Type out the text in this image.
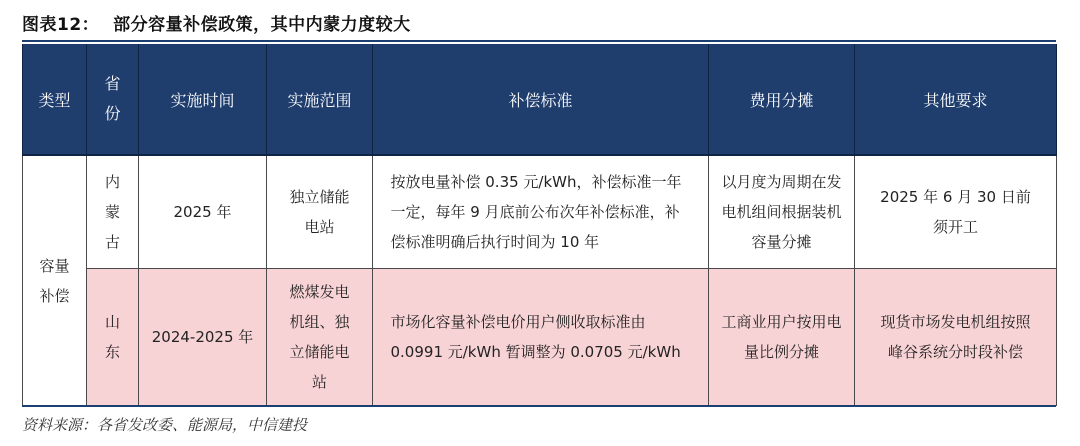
图表12： 部分容量补偿政策，其中内蒙力度较大
类型	省份	实施时间	实施范围	补偿标准	费用分摊	其他要求

容量补偿	内蒙古	2025 年	独立储能电站	按放电量补偿 0.35 元/kWh，补偿标准一年一定，每年 9 月底前公布次年补偿标准，补偿标准明确后执行时间为 10 年	以月度为周期在发电机组间根据装机容量分摊	2025 年 6 月 30 日前须开工

	山东	2024-2025 年	燃煤发电机组、独立储能电站	市场化容量补偿电价用户侧收取标准由 0.0991 元/kWh 暂调整为 0.0705 元/kWh	工商业用户按用电量比例分摊	现货市场发电机组按照峰谷系统分时段补偿
资料来源：各省发改委、能源局，中信建投
